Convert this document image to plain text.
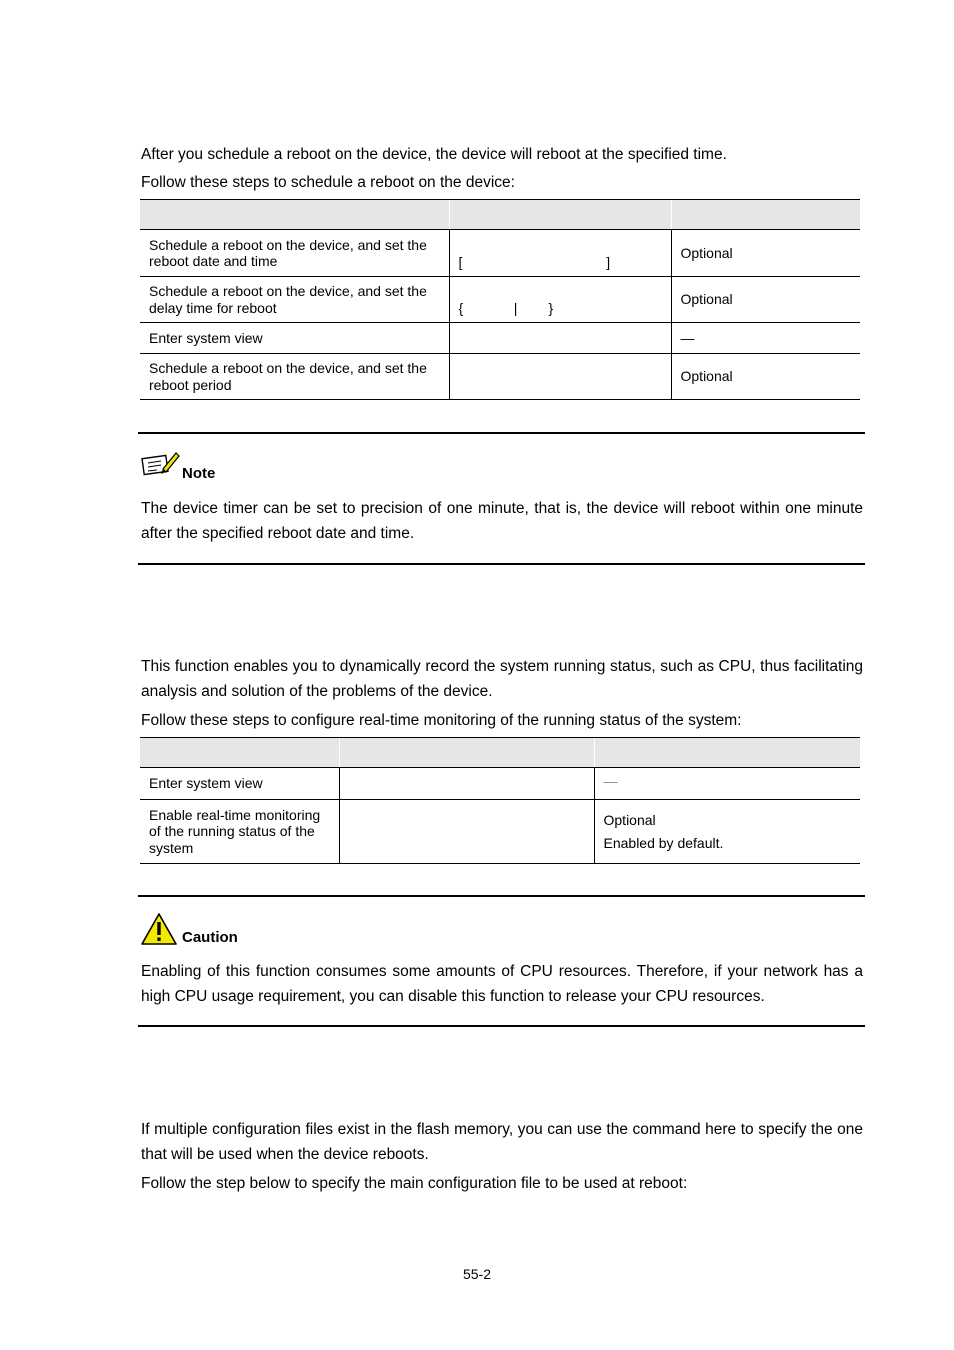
After you schedule a reboot on the device, the device will reboot at the specified time.
Follow these steps to schedule a reboot on the device:

Schedule a reboot on the device, and set the reboot date and time	[                                     ]	Optional
Schedule a reboot on the device, and set the delay time for reboot	{             |        }	Optional
Enter system view		—
Schedule a reboot on the device, and set the reboot period		Optional
Note
The device timer can be set to precision of one minute, that is, the device will reboot within one minute after the specified reboot date and time.
This function enables you to dynamically record the system running status, such as CPU, thus facilitating analysis and solution of the problems of the device.
Follow these steps to configure real-time monitoring of the running status of the system:

Enter system view		—
Enable real-time monitoring of the running status of the system		Optional
Enabled by default.
Caution
Enabling of this function consumes some amounts of CPU resources. Therefore, if your network has a high CPU usage requirement, you can disable this function to release your CPU resources.
If multiple configuration files exist in the flash memory, you can use the command here to specify the one that will be used when the device reboots.
Follow the step below to specify the main configuration file to be used at reboot:
55-2
